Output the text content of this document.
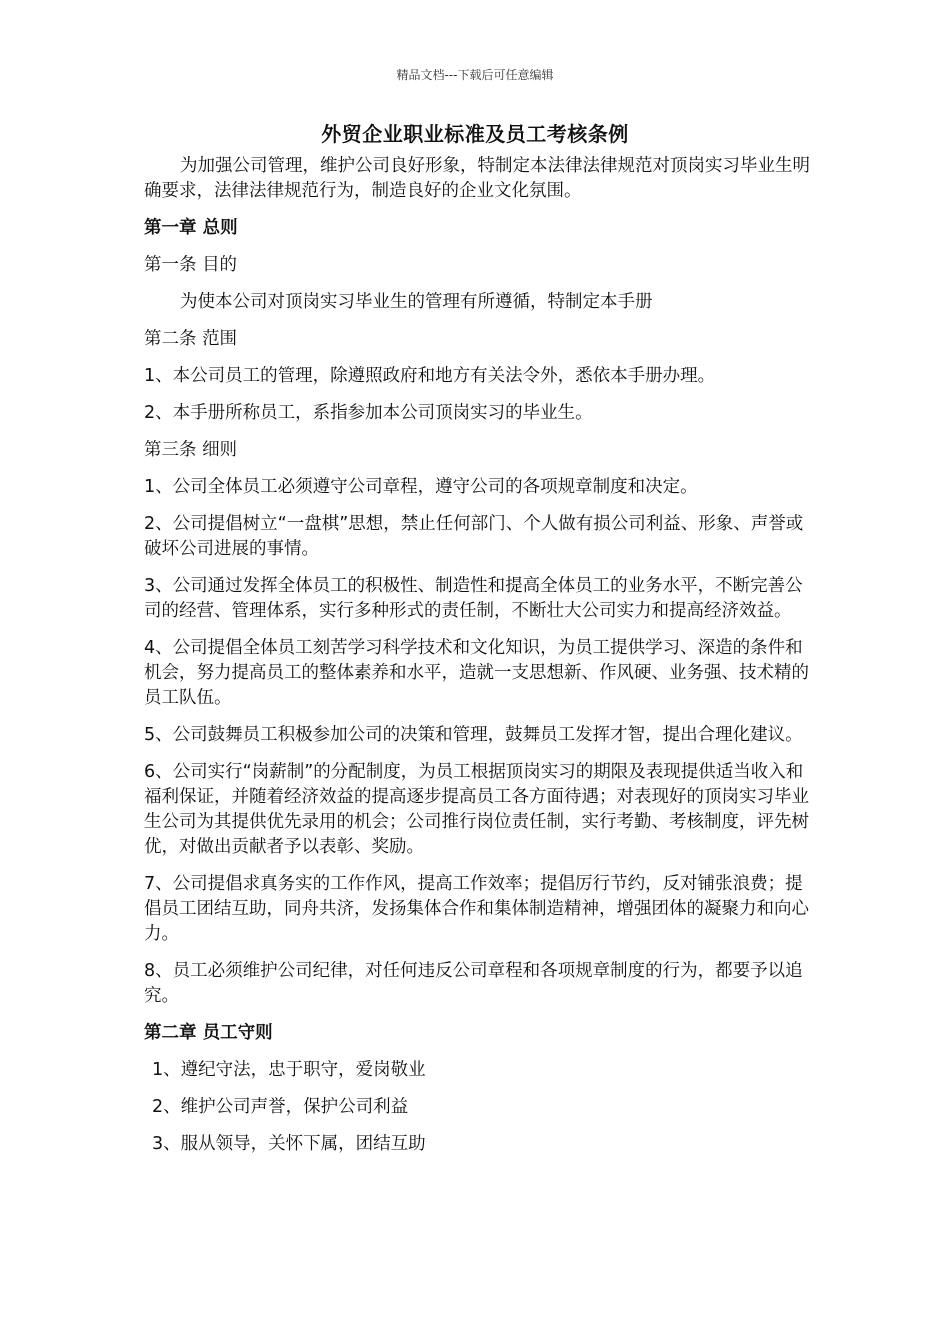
精品文档---下载后可任意编辑
外贸企业职业标准及员工考核条例

为加强公司管理，维护公司良好形象，特制定本法律法律规范对顶岗实习毕业生明确要求，法律法律规范行为，制造良好的企业文化氛围。

第一章 总则

第一条 目的

为使本公司对顶岗实习毕业生的管理有所遵循，特制定本手册

第二条 范围

1、本公司员工的管理，除遵照政府和地方有关法令外，悉依本手册办理。

2、本手册所称员工，系指参加本公司顶岗实习的毕业生。

第三条 细则

1、公司全体员工必须遵守公司章程，遵守公司的各项规章制度和决定。

2、公司提倡树立“一盘棋”思想，禁止任何部门、个人做有损公司利益、形象、声誉或破坏公司进展的事情。

3、公司通过发挥全体员工的积极性、制造性和提高全体员工的业务水平，不断完善公司的经营、管理体系，实行多种形式的责任制，不断壮大公司实力和提高经济效益。

4、公司提倡全体员工刻苦学习科学技术和文化知识，为员工提供学习、深造的条件和机会，努力提高员工的整体素养和水平，造就一支思想新、作风硬、业务强、技术精的员工队伍。

5、公司鼓舞员工积极参加公司的决策和管理，鼓舞员工发挥才智，提出合理化建议。

6、公司实行“岗薪制”的分配制度，为员工根据顶岗实习的期限及表现提供适当收入和福利保证，并随着经济效益的提高逐步提高员工各方面待遇；对表现好的顶岗实习毕业生公司为其提供优先录用的机会；公司推行岗位责任制，实行考勤、考核制度，评先树优，对做出贡献者予以表彰、奖励。

7、公司提倡求真务实的工作作风，提高工作效率；提倡厉行节约，反对铺张浪费；提倡员工团结互助，同舟共济，发扬集体合作和集体制造精神，增强团体的凝聚力和向心力。

8、员工必须维护公司纪律，对任何违反公司章程和各项规章制度的行为，都要予以追究。

第二章 员工守则

1、遵纪守法，忠于职守，爱岗敬业

2、维护公司声誉，保护公司利益

3、服从领导，关怀下属，团结互助
